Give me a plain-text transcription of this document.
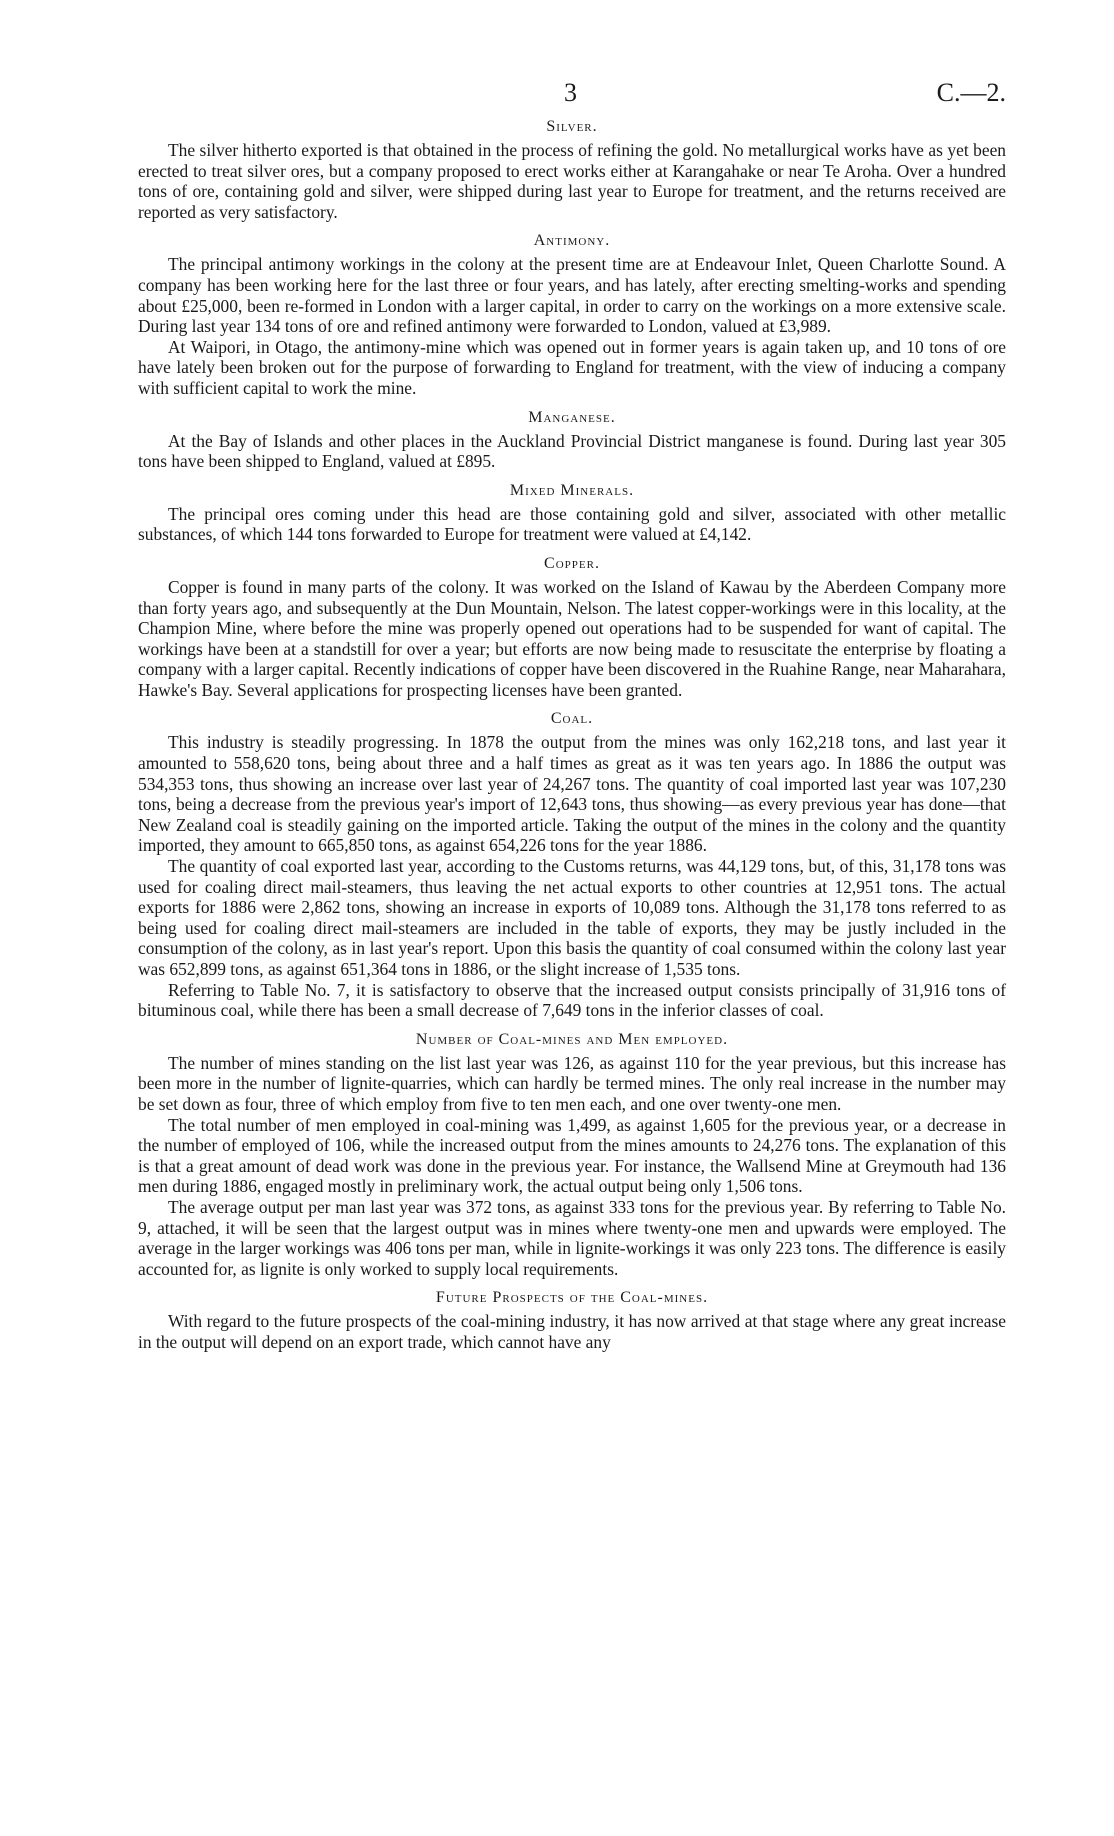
3	C.—2.
Silver.

The silver hitherto exported is that obtained in the process of refining the gold. No metallurgical works have as yet been erected to treat silver ores, but a company proposed to erect works either at Karangahake or near Te Aroha. Over a hundred tons of ore, containing gold and silver, were shipped during last year to Europe for treatment, and the returns received are reported as very satisfactory.

Antimony.

The principal antimony workings in the colony at the present time are at Endeavour Inlet, Queen Charlotte Sound. A company has been working here for the last three or four years, and has lately, after erecting smelting-works and spending about £25,000, been re-formed in London with a larger capital, in order to carry on the workings on a more extensive scale. During last year 134 tons of ore and refined antimony were forwarded to London, valued at £3,989.

At Waipori, in Otago, the antimony-mine which was opened out in former years is again taken up, and 10 tons of ore have lately been broken out for the purpose of forwarding to England for treatment, with the view of inducing a company with sufficient capital to work the mine.

Manganese.

At the Bay of Islands and other places in the Auckland Provincial District manganese is found. During last year 305 tons have been shipped to England, valued at £895.

Mixed Minerals.

The principal ores coming under this head are those containing gold and silver, associated with other metallic substances, of which 144 tons forwarded to Europe for treatment were valued at £4,142.

Copper.

Copper is found in many parts of the colony. It was worked on the Island of Kawau by the Aberdeen Company more than forty years ago, and subsequently at the Dun Mountain, Nelson. The latest copper-workings were in this locality, at the Champion Mine, where before the mine was properly opened out operations had to be suspended for want of capital. The workings have been at a standstill for over a year; but efforts are now being made to resuscitate the enterprise by floating a company with a larger capital. Recently indications of copper have been discovered in the Ruahine Range, near Maharahara, Hawke's Bay. Several applications for prospecting licenses have been granted.

Coal.

This industry is steadily progressing. In 1878 the output from the mines was only 162,218 tons, and last year it amounted to 558,620 tons, being about three and a half times as great as it was ten years ago. In 1886 the output was 534,353 tons, thus showing an increase over last year of 24,267 tons. The quantity of coal imported last year was 107,230 tons, being a decrease from the previous year's import of 12,643 tons, thus showing—as every previous year has done—that New Zealand coal is steadily gaining on the imported article. Taking the output of the mines in the colony and the quantity imported, they amount to 665,850 tons, as against 654,226 tons for the year 1886.

The quantity of coal exported last year, according to the Customs returns, was 44,129 tons, but, of this, 31,178 tons was used for coaling direct mail-steamers, thus leaving the net actual exports to other countries at 12,951 tons. The actual exports for 1886 were 2,862 tons, showing an increase in exports of 10,089 tons. Although the 31,178 tons referred to as being used for coaling direct mail-steamers are included in the table of exports, they may be justly included in the consumption of the colony, as in last year's report. Upon this basis the quantity of coal consumed within the colony last year was 652,899 tons, as against 651,364 tons in 1886, or the slight increase of 1,535 tons.

Referring to Table No. 7, it is satisfactory to observe that the increased output consists principally of 31,916 tons of bituminous coal, while there has been a small decrease of 7,649 tons in the inferior classes of coal.

Number of Coal-mines and Men employed.

The number of mines standing on the list last year was 126, as against 110 for the year previous, but this increase has been more in the number of lignite-quarries, which can hardly be termed mines. The only real increase in the number may be set down as four, three of which employ from five to ten men each, and one over twenty-one men.

The total number of men employed in coal-mining was 1,499, as against 1,605 for the previous year, or a decrease in the number of employed of 106, while the increased output from the mines amounts to 24,276 tons. The explanation of this is that a great amount of dead work was done in the previous year. For instance, the Wallsend Mine at Greymouth had 136 men during 1886, engaged mostly in preliminary work, the actual output being only 1,506 tons.

The average output per man last year was 372 tons, as against 333 tons for the previous year. By referring to Table No. 9, attached, it will be seen that the largest output was in mines where twenty-one men and upwards were employed. The average in the larger workings was 406 tons per man, while in lignite-workings it was only 223 tons. The difference is easily accounted for, as lignite is only worked to supply local requirements.

Future Prospects of the Coal-mines.

With regard to the future prospects of the coal-mining industry, it has now arrived at that stage where any great increase in the output will depend on an export trade, which cannot have any
